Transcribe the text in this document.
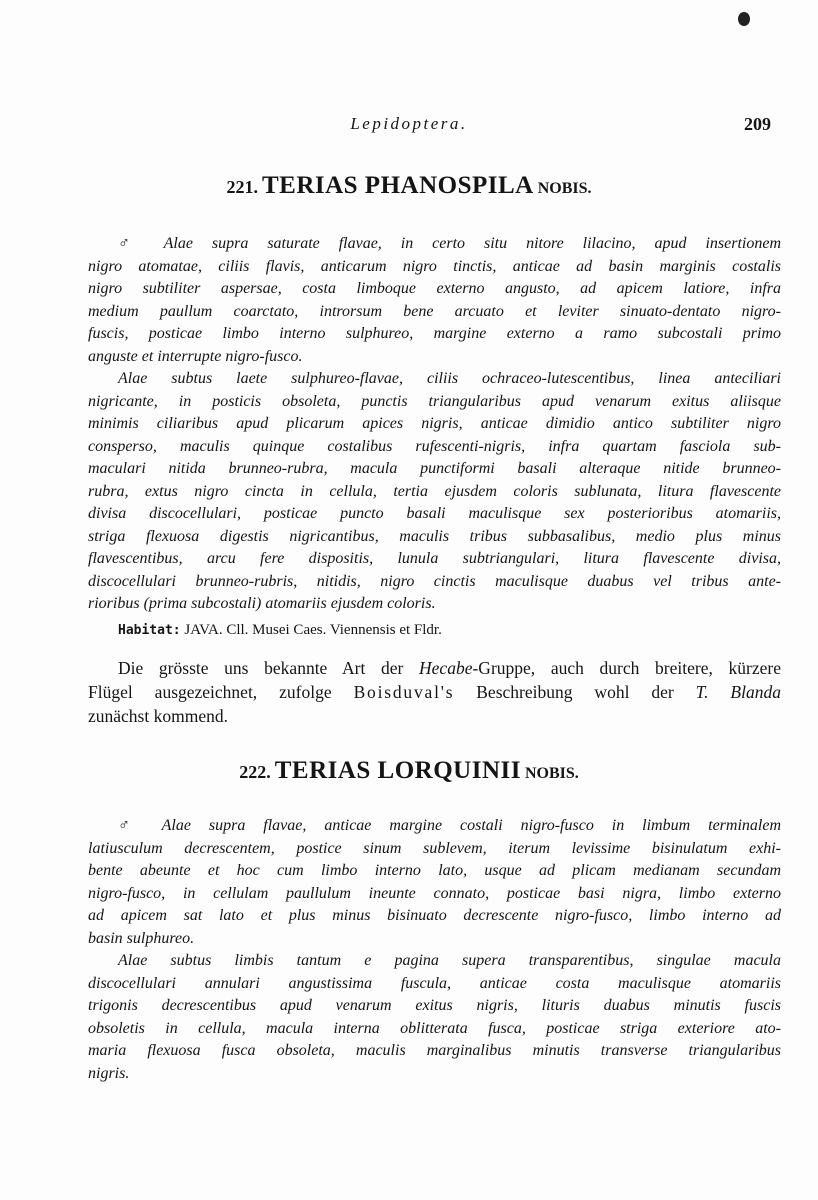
Lepidoptera.	209
221. TERIAS PHANOSPILA NOBIS.
♂ Alae supra saturate flavae, in certo situ nitore lilacino, apud insertionem
nigro atomatae, ciliis flavis, anticarum nigro tinctis, anticae ad basin marginis costalis
nigro subtiliter aspersae, costa limboque externo angusto, ad apicem latiore, infra
medium paullum coarctato, introrsum bene arcuato et leviter sinuato-dentato nigro-
fuscis, posticae limbo interno sulphureo, margine externo a ramo subcostali primo
anguste et interrupte nigro-fusco.
Alae subtus laete sulphureo-flavae, ciliis ochraceo-lutescentibus, linea anteciliari
nigricante, in posticis obsoleta, punctis triangularibus apud venarum exitus aliisque
minimis ciliaribus apud plicarum apices nigris, anticae dimidio antico subtiliter nigro
consperso, maculis quinque costalibus rufescenti-nigris, infra quartam fasciola sub-
maculari nitida brunneo-rubra, macula punctiformi basali alteraque nitide brunneo-
rubra, extus nigro cincta in cellula, tertia ejusdem coloris sublunata, litura flavescente
divisa discocellulari, posticae puncto basali maculisque sex posterioribus atomariis,
striga flexuosa digestis nigricantibus, maculis tribus subbasalibus, medio plus minus
flavescentibus, arcu fere dispositis, lunula subtriangulari, litura flavescente divisa,
discocellulari brunneo-rubris, nitidis, nigro cinctis maculisque duabus vel tribus ante-
rioribus (prima subcostali) atomariis ejusdem coloris.
Habitat: JAVA. Cll. Musei Caes. Viennensis et Fldr.
Die grösste uns bekannte Art der Hecabe-Gruppe, auch durch breitere, kürzere
Flügel ausgezeichnet, zufolge Boisduval's Beschreibung wohl der T. Blanda
zunächst kommend.
222. TERIAS LORQUINII NOBIS.
♂ Alae supra flavae, anticae margine costali nigro-fusco in limbum terminalem
latiusculum decrescentem, postice sinum sublevem, iterum levissime bisinulatum exhi-
bente abeunte et hoc cum limbo interno lato, usque ad plicam medianam secundam
nigro-fusco, in cellulam paullulum ineunte connato, posticae basi nigra, limbo externo
ad apicem sat lato et plus minus bisinuato decrescente nigro-fusco, limbo interno ad
basin sulphureo.
Alae subtus limbis tantum e pagina supera transparentibus, singulae macula
discocellulari annulari angustissima fuscula, anticae costa maculisque atomariis
trigonis decrescentibus apud venarum exitus nigris, lituris duabus minutis fuscis
obsoletis in cellula, macula interna oblitterata fusca, posticae striga exteriore ato-
maria flexuosa fusca obsoleta, maculis marginalibus minutis transverse triangularibus
nigris.
